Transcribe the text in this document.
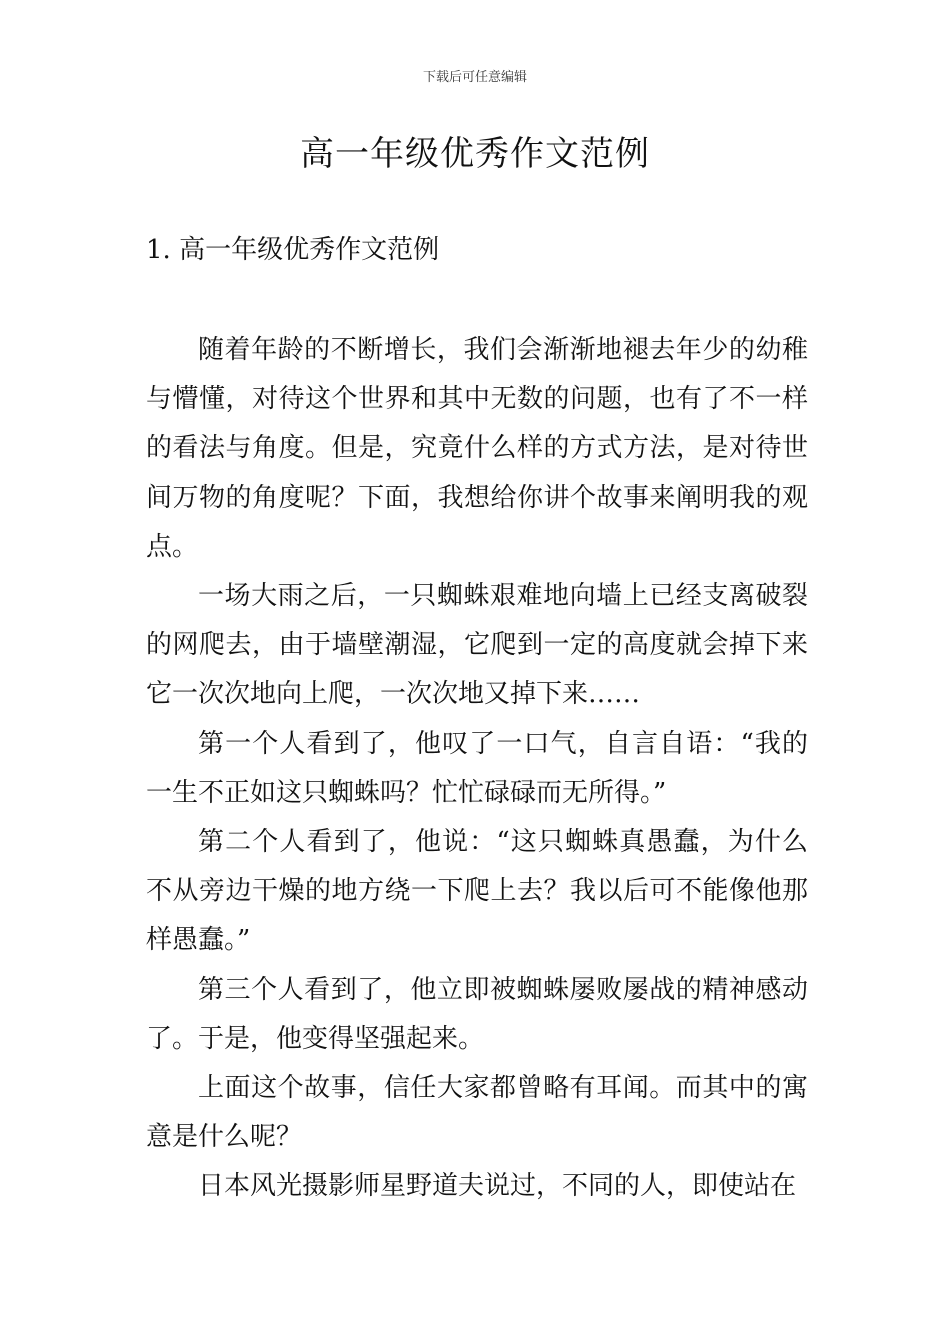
下载后可任意编辑
高一年级优秀作文范例
1. 高一年级优秀作文范例

随着年龄的不断增长，我们会渐渐地褪去年少的幼稚与懵懂，对待这个世界和其中无数的问题，也有了不一样的看法与角度。但是，究竟什么样的方式方法，是对待世间万物的角度呢？下面，我想给你讲个故事来阐明我的观点。

一场大雨之后，一只蜘蛛艰难地向墙上已经支离破裂的网爬去，由于墙壁潮湿，它爬到一定的高度就会掉下来它一次次地向上爬，一次次地又掉下来……

第一个人看到了，他叹了一口气，自言自语：“我的一生不正如这只蜘蛛吗？忙忙碌碌而无所得。”

第二个人看到了，他说：“这只蜘蛛真愚蠢，为什么不从旁边干燥的地方绕一下爬上去？我以后可不能像他那样愚蠢。”

第三个人看到了，他立即被蜘蛛屡败屡战的精神感动了。于是，他变得坚强起来。

上面这个故事，信任大家都曾略有耳闻。而其中的寓意是什么呢？

日本风光摄影师星野道夫说过，不同的人，即使站在
